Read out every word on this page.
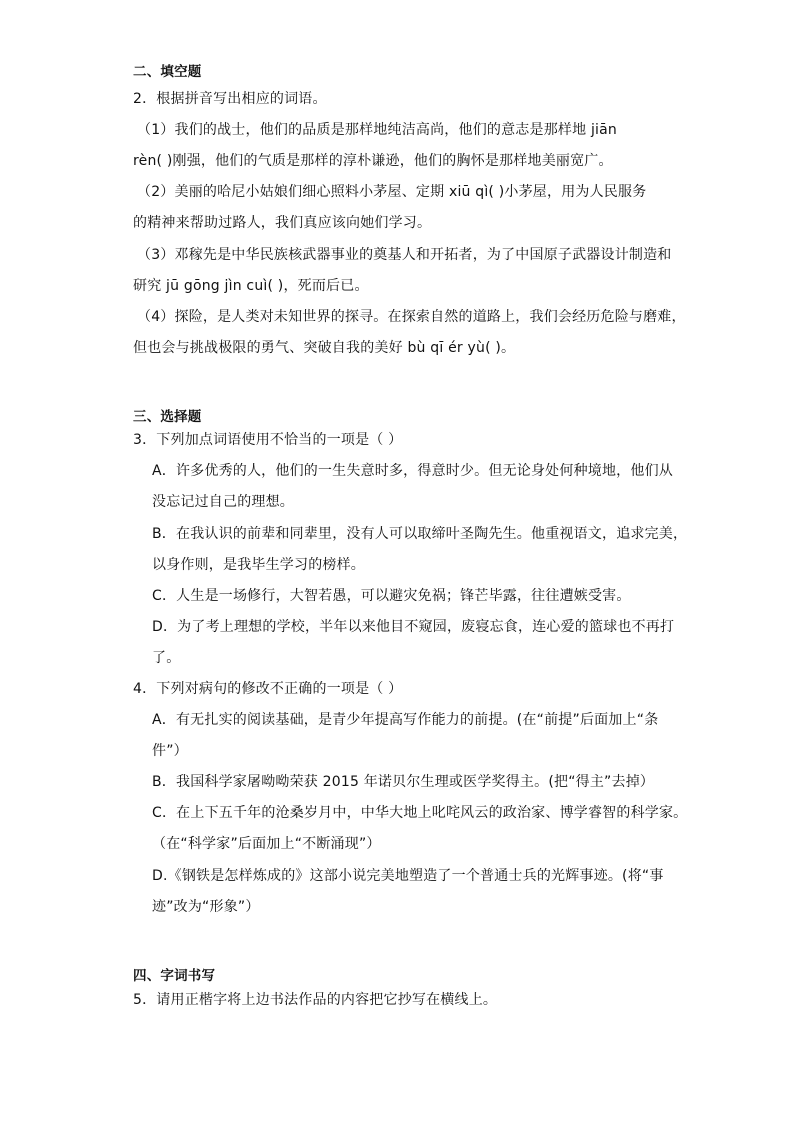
二、填空题
2．根据拼音写出相应的词语。
（1）我们的战士，他们的品质是那样地纯洁高尚，他们的意志是那样地 jiān
rèn( )刚强，他们的气质是那样的淳朴谦逊，他们的胸怀是那样地美丽宽广。
（2）美丽的哈尼小姑娘们细心照料小茅屋、定期 xiū qì( )小茅屋，用为人民服务
的精神来帮助过路人，我们真应该向她们学习。
（3）邓稼先是中华民族核武器事业的奠基人和开拓者，为了中国原子武器设计制造和
研究 jū gōng jìn cuì( )，死而后已。
（4）探险，是人类对未知世界的探寻。在探索自然的道路上，我们会经历危险与磨难，
但也会与挑战极限的勇气、突破自我的美好 bù qī ér yù( )。
三、选择题
3．下列加点词语使用不恰当的一项是（ ）
A．许多优秀的人，他们的一生失意时多，得意时少。但无论身处何种境地，他们从
没忘记过自己的理想。
B．在我认识的前辈和同辈里，没有人可以取缔叶圣陶先生。他重视语文，追求完美，
以身作则，是我毕生学习的榜样。
C．人生是一场修行，大智若愚，可以避灾免祸；锋芒毕露，往往遭嫉受害。
D．为了考上理想的学校，半年以来他目不窥园，废寝忘食，连心爱的篮球也不再打
了。
4．下列对病句的修改不正确的一项是（ ）
A．有无扎实的阅读基础，是青少年提高写作能力的前提。(在“前提”后面加上“条
件”）
B．我国科学家屠呦呦荣获 2015 年诺贝尔生理或医学奖得主。(把“得主”去掉）
C．在上下五千年的沧桑岁月中，中华大地上叱咤风云的政治家、博学睿智的科学家。
（在“科学家”后面加上“不断涌现”）
D.《钢铁是怎样炼成的》这部小说完美地塑造了一个普通士兵的光辉事迹。(将“事
迹”改为“形象”）
四、字词书写
5．请用正楷字将上边书法作品的内容把它抄写在横线上。
